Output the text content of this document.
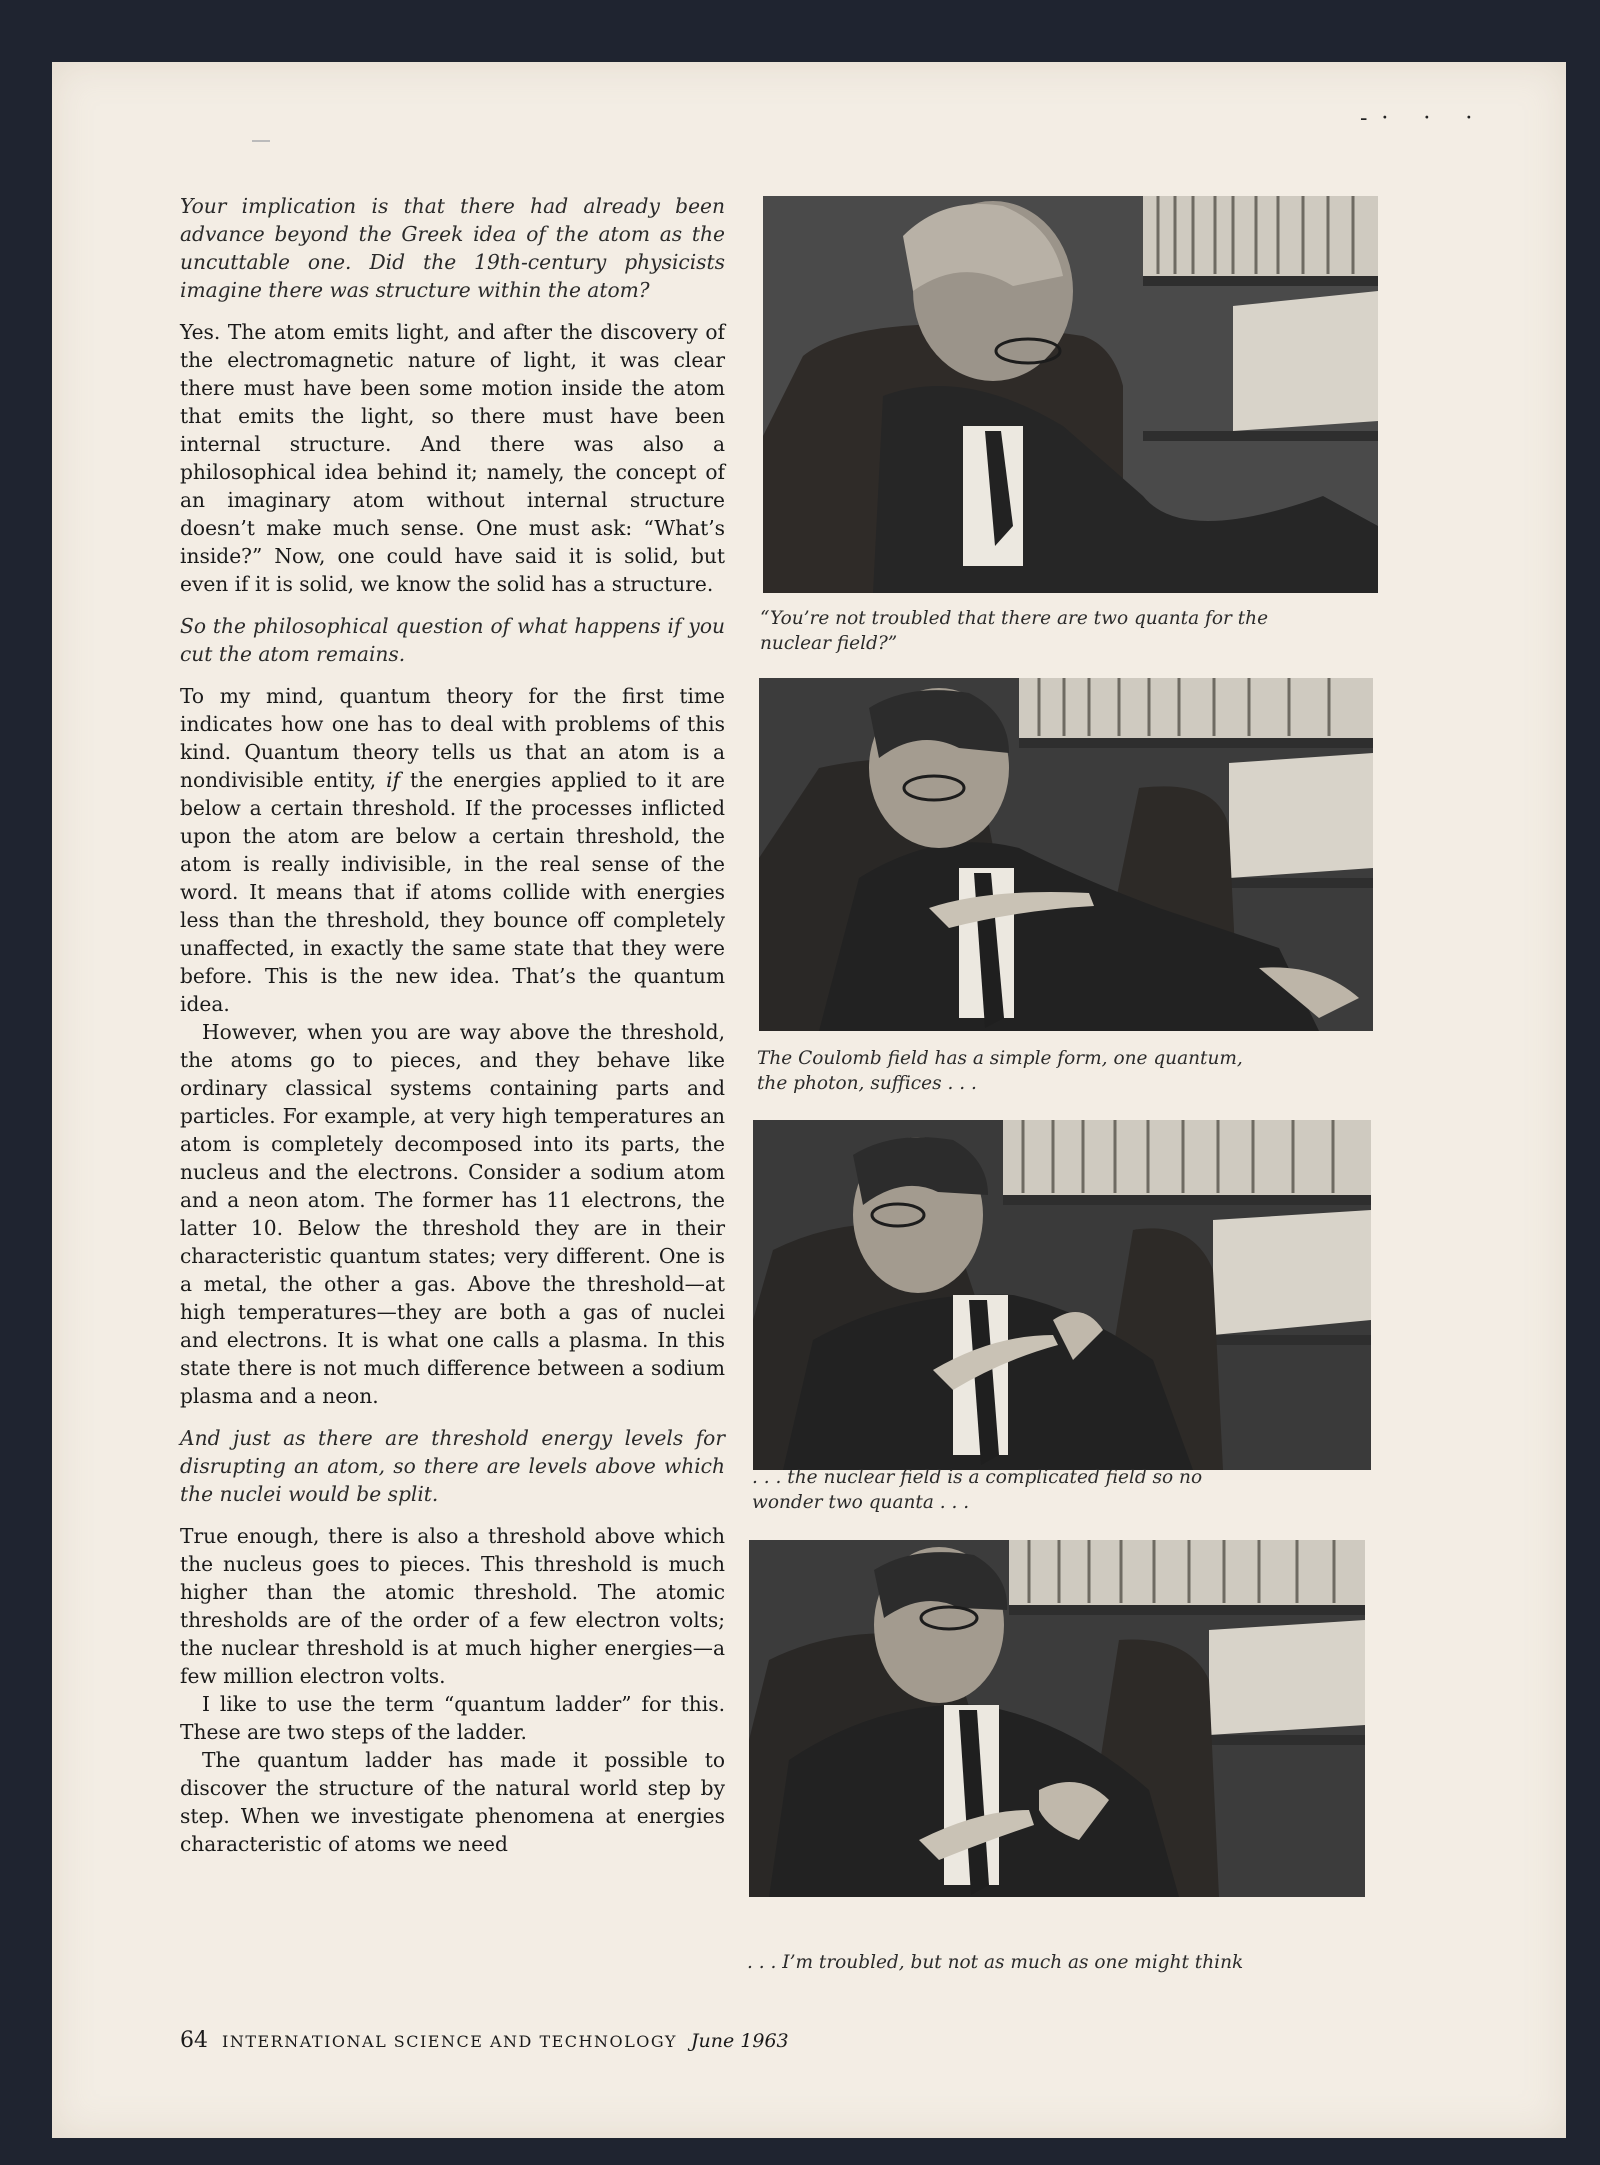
-· · ·

Your implication is that there had already been advance beyond the Greek idea of the atom as the uncuttable one. Did the 19th-century physicists imagine there was structure within the atom?

Yes. The atom emits light, and after the discovery of the electromagnetic nature of light, it was clear there must have been some motion inside the atom that emits the light, so there must have been internal structure. And there was also a philosophical idea behind it; namely, the concept of an imaginary atom without internal structure doesn’t make much sense. One must ask: “What’s inside?” Now, one could have said it is solid, but even if it is solid, we know the solid has a structure.

So the philosophical question of what happens if you cut the atom remains.

To my mind, quantum theory for the first time indicates how one has to deal with problems of this kind. Quantum theory tells us that an atom is a nondivisible entity, if the energies applied to it are below a certain threshold. If the processes inflicted upon the atom are below a certain threshold, the atom is really indivisible, in the real sense of the word. It means that if atoms collide with energies less than the threshold, they bounce off completely unaffected, in exactly the same state that they were before. This is the new idea. That’s the quantum idea.

However, when you are way above the threshold, the atoms go to pieces, and they behave like ordinary classical systems containing parts and particles. For example, at very high temperatures an atom is completely decomposed into its parts, the nucleus and the electrons. Consider a sodium atom and a neon atom. The former has 11 electrons, the latter 10. Below the threshold they are in their characteristic quantum states; very different. One is a metal, the other a gas. Above the threshold—at high temperatures—they are both a gas of nuclei and electrons. It is what one calls a plasma. In this state there is not much difference between a sodium plasma and a neon.

And just as there are threshold energy levels for disrupting an atom, so there are levels above which the nuclei would be split.

True enough, there is also a threshold above which the nucleus goes to pieces. This threshold is much higher than the atomic threshold. The atomic thresholds are of the order of a few electron volts; the nuclear threshold is at much higher energies—a few million electron volts.

I like to use the term “quantum ladder” for this. These are two steps of the ladder.

The quantum ladder has made it possible to discover the structure of the natural world step by step. When we investigate phenomena at energies characteristic of atoms we need

“You’re not troubled that there are two quanta for the nuclear field?”
The Coulomb field has a simple form, one quantum, the photon, suffices . . .
. . . the nuclear field is a complicated field so no wonder two quanta . . .
. . . I’m troubled, but not as much as one might think
64 INTERNATIONAL SCIENCE AND TECHNOLOGY June 1963
